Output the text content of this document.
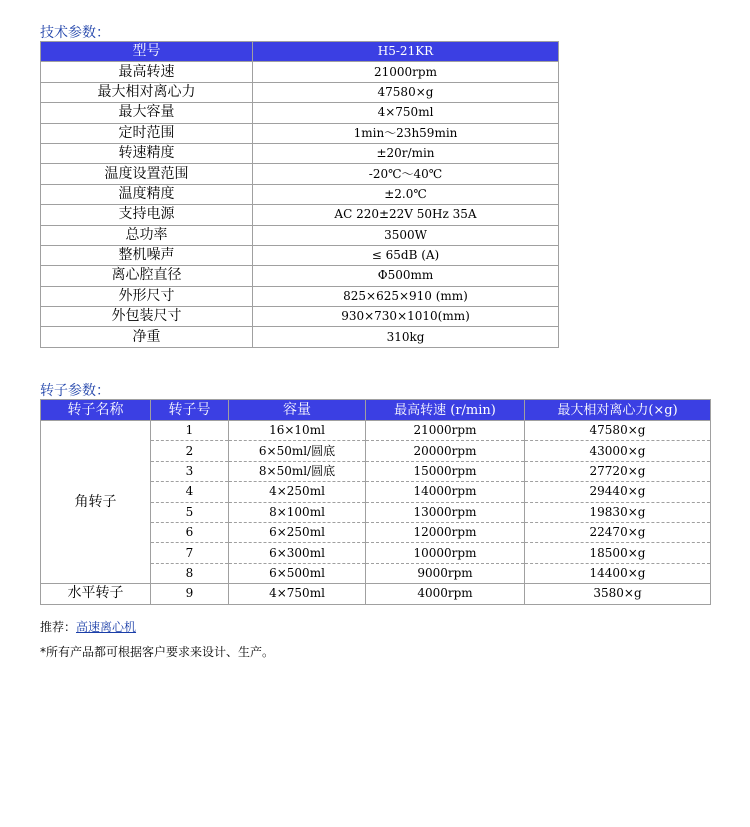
技术参数：
型号	H5-21KR
最高转速	21000rpm
最大相对离心力	47580×g
最大容量	4×750ml
定时范围	1min～23h59min
转速精度	±20r/min
温度设置范围	-20℃～40℃
温度精度	±2.0℃
支持电源	AC 220±22V 50Hz 35A
总功率	3500W
整机噪声	≤ 65dB (A)
离心腔直径	Φ500mm
外形尺寸	825×625×910 (mm)
外包装尺寸	930×730×1010(mm)
净重	310kg
转子参数：
转子名称	转子号	容量	最高转速 (r/min)	最大相对离心力(×g)
角转子	1	16×10ml	21000rpm	47580×g
	2	6×50ml/圆底	20000rpm	43000×g
	3	8×50ml/圆底	15000rpm	27720×g
	4	4×250ml	14000rpm	29440×g
	5	8×100ml	13000rpm	19830×g
	6	6×250ml	12000rpm	22470×g
	7	6×300ml	10000rpm	18500×g
	8	6×500ml	9000rpm	14400×g
水平转子	9	4×750ml	4000rpm	3580×g
推荐：高速离心机
*所有产品都可根据客户要求来设计、生产。
